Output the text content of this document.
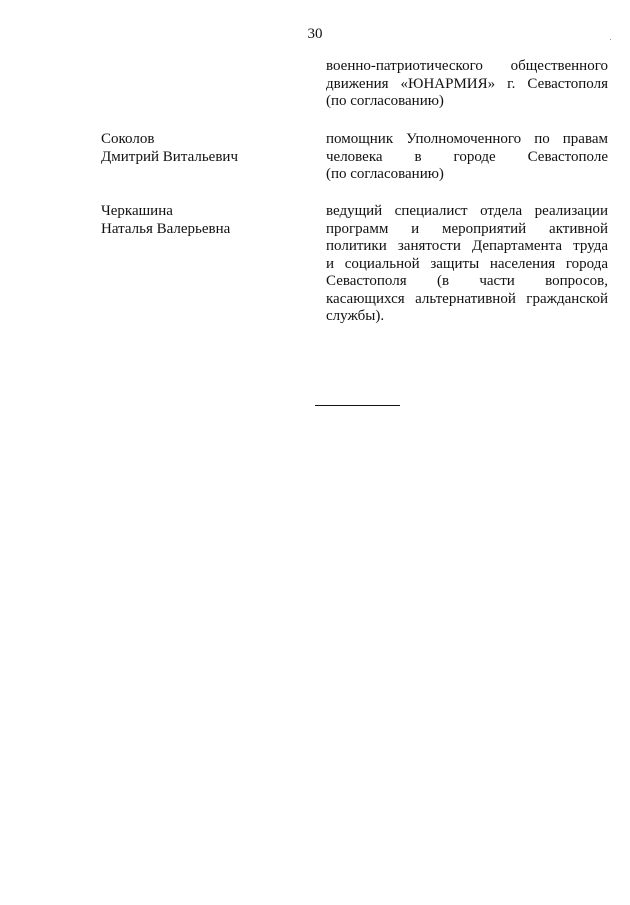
30
военно-патриотического общественного
движения «ЮНАРМИЯ» г. Севастополя
(по согласованию)
Соколов
Дмитрий Витальевич
помощник Уполномоченного по правам
человека в городе Севастополе
(по согласованию)
Черкашина
Наталья Валерьевна
ведущий специалист отдела реализации
программ и мероприятий активной
политики занятости Департамента труда
и социальной защиты населения города
Севастополя (в части вопросов,
касающихся альтернативной гражданской
службы).
